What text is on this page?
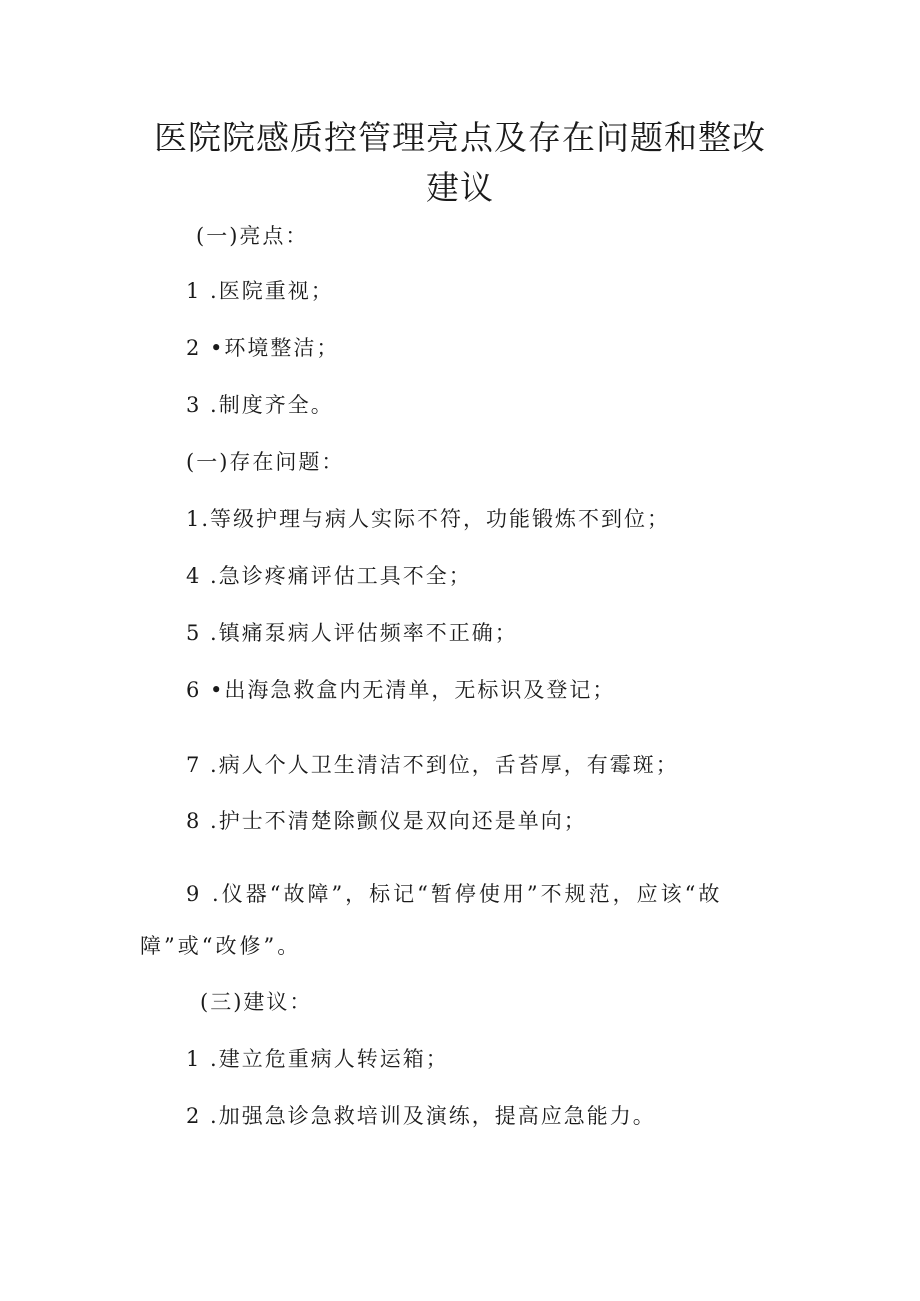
医院院感质控管理亮点及存在问题和整改
建议
(一)亮点：
1 .医院重视；
2 •环境整洁；
3 .制度齐全。
(一)存在问题：
1.等级护理与病人实际不符，功能锻炼不到位；
4 .急诊疼痛评估工具不全；
5 .镇痛泵病人评估频率不正确；
6 •出海急救盒内无清单，无标识及登记；
7 .病人个人卫生清洁不到位，舌苔厚，有霉斑；
8 .护士不清楚除颤仪是双向还是单向；
9 .仪器“故障”，标记“暂停使用”不规范，应该“故
障”或“改修”。
(三)建议：
1 .建立危重病人转运箱；
2 .加强急诊急救培训及演练，提高应急能力。
